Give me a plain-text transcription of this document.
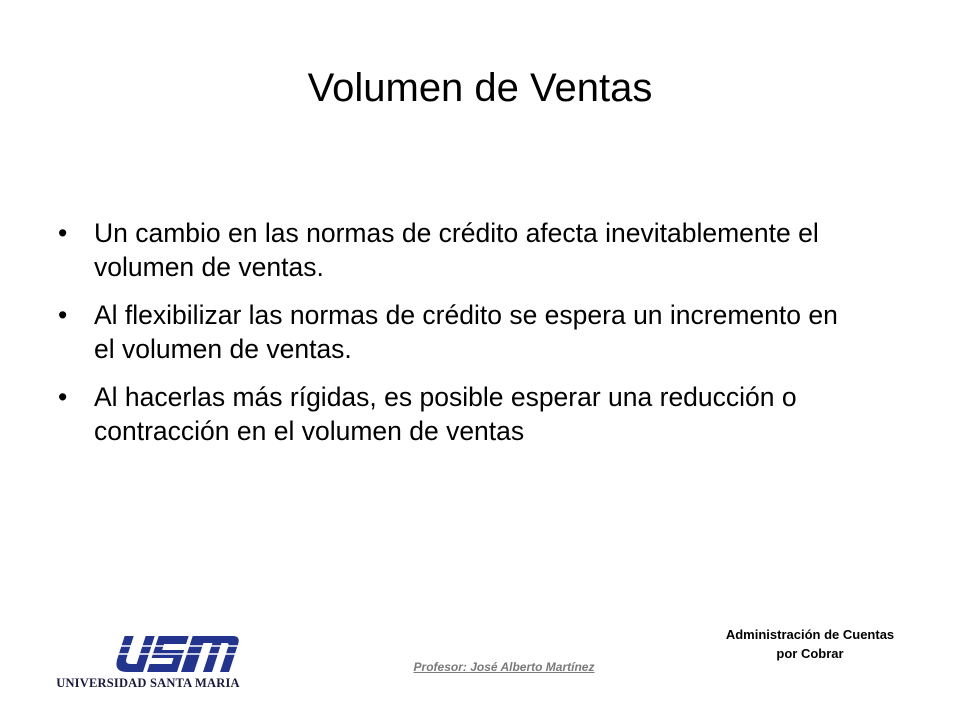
Volumen de Ventas
•	Un cambio en las normas de crédito afecta inevitablemente el volumen de ventas.
•	Al flexibilizar las normas de crédito se espera un incremento en el volumen de ventas.
•	Al hacerlas más rígidas, es posible esperar una reducción o contracción en el volumen de ventas
UNIVERSIDAD SANTA MARIA
Profesor: José Alberto Martínez
Administración de Cuentas
por Cobrar
